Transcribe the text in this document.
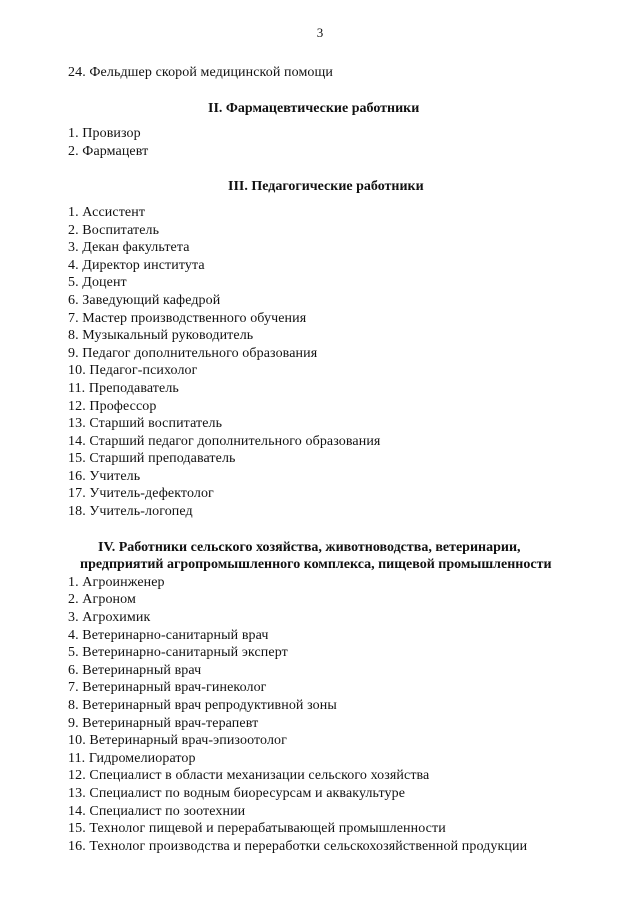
3
24. Фельдшер скорой медицинской помощи
II. Фармацевтические работники
1. Провизор
2. Фармацевт
III. Педагогические работники
1. Ассистент
2. Воспитатель
3. Декан факультета
4. Директор института
5. Доцент
6. Заведующий кафедрой
7. Мастер производственного обучения
8. Музыкальный руководитель
9. Педагог дополнительного образования
10. Педагог-психолог
11. Преподаватель
12. Профессор
13. Старший воспитатель
14. Старший педагог дополнительного образования
15. Старший преподаватель
16. Учитель
17. Учитель-дефектолог
18. Учитель-логопед
IV. Работники сельского хозяйства, животноводства, ветеринарии,
предприятий агропромышленного комплекса, пищевой промышленности
1. Агроинженер
2. Агроном
3. Агрохимик
4. Ветеринарно-санитарный врач
5. Ветеринарно-санитарный эксперт
6. Ветеринарный врач
7. Ветеринарный врач-гинеколог
8. Ветеринарный врач репродуктивной зоны
9. Ветеринарный врач-терапевт
10. Ветеринарный врач-эпизоотолог
11. Гидромелиоратор
12. Специалист в области механизации сельского хозяйства
13. Специалист по водным биоресурсам и аквакультуре
14. Специалист по зоотехнии
15. Технолог пищевой и перерабатывающей промышленности
16. Технолог производства и переработки сельскохозяйственной продукции
